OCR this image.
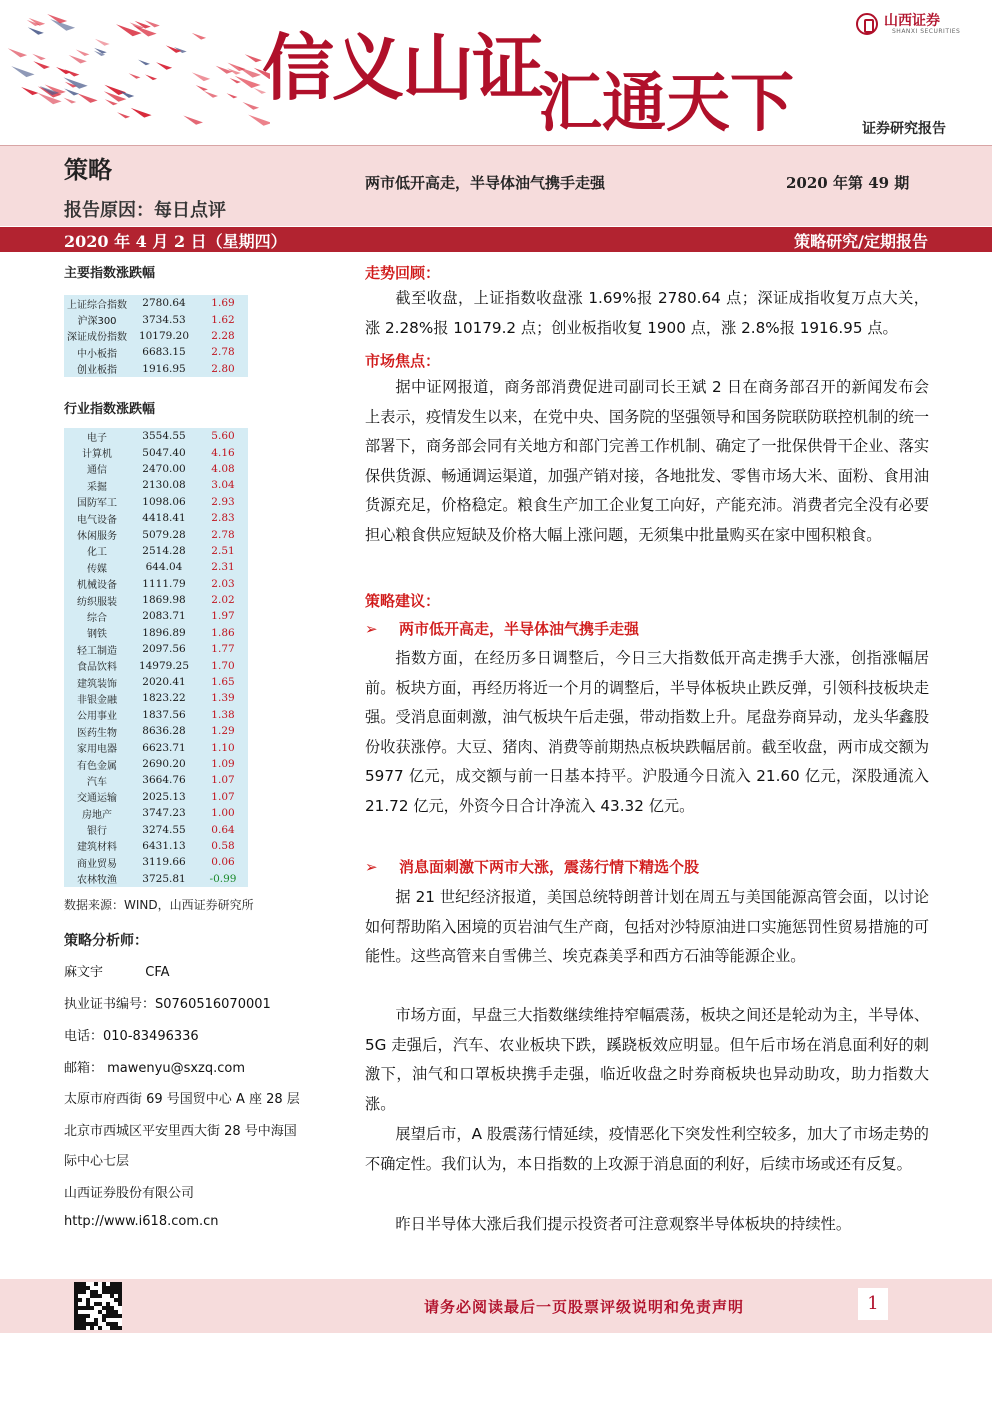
信义山证
汇通天下
山西证券
SHANXI SECURITIES
证券研究报告
策略
报告原因：每日点评
两市低开高走，半导体油气携手走强	2020 年第 49 期
2020 年 4 月 2 日（星期四）	策略研究/定期报告
主要指数涨跌幅
上证综合指数	2780.64	1.69
沪深300	3734.53	1.62
深证成份指数	10179.20	2.28
中小板指	6683.15	2.78
创业板指	1916.95	2.80
行业指数涨跌幅
电子	3554.55	5.60
计算机	5047.40	4.16
通信	2470.00	4.08
采掘	2130.08	3.04
国防军工	1098.06	2.93
电气设备	4418.41	2.83
休闲服务	5079.28	2.78
化工	2514.28	2.51
传媒	644.04	2.31
机械设备	1111.79	2.03
纺织服装	1869.98	2.02
综合	2083.71	1.97
钢铁	1896.89	1.86
轻工制造	2097.56	1.77
食品饮料	14979.25	1.70
建筑装饰	2020.41	1.65
非银金融	1823.22	1.39
公用事业	1837.56	1.38
医药生物	8636.28	1.29
家用电器	6623.71	1.10
有色金属	2690.20	1.09
汽车	3664.76	1.07
交通运输	2025.13	1.07
房地产	3747.23	1.00
银行	3274.55	0.64
建筑材料	6431.13	0.58
商业贸易	3119.66	0.06
农林牧渔	3725.81	-0.99
数据来源：WIND，山西证券研究所
策略分析师：
麻文宇	CFA
执业证书编号：S0760516070001
电话：010-83496336
邮箱： mawenyu@sxzq.com
太原市府西街 69 号国贸中心 A 座 28 层
北京市西城区平安里西大街 28 号中海国
际中心七层
山西证券股份有限公司
http://www.i618.com.cn
走势回顾：

截至收盘，上证指数收盘涨 1.69%报 2780.64 点；深证成指收复万点大关，涨 2.28%报 10179.2 点；创业板指收复 1900 点，涨 2.8%报 1916.95 点。

市场焦点：

据中证网报道，商务部消费促进司副司长王斌 2 日在商务部召开的新闻发布会上表示，疫情发生以来，在党中央、国务院的坚强领导和国务院联防联控机制的统一部署下，商务部会同有关地方和部门完善工作机制、确定了一批保供骨干企业、落实保供货源、畅通调运渠道，加强产销对接，各地批发、零售市场大米、面粉、食用油货源充足，价格稳定。粮食生产加工企业复工向好，产能充沛。消费者完全没有必要担心粮食供应短缺及价格大幅上涨问题，无须集中批量购买在家中囤积粮食。

策略建议：
➢ 两市低开高走，半导体油气携手走强

指数方面，在经历多日调整后，今日三大指数低开高走携手大涨，创指涨幅居前。板块方面，再经历将近一个月的调整后，半导体板块止跌反弹，引领科技板块走强。受消息面刺激，油气板块午后走强，带动指数上升。尾盘券商异动，龙头华鑫股份收获涨停。大豆、猪肉、消费等前期热点板块跌幅居前。截至收盘，两市成交额为 5977 亿元，成交额与前一日基本持平。沪股通今日流入 21.60 亿元，深股通流入 21.72 亿元，外资今日合计净流入 43.32 亿元。

➢ 消息面刺激下两市大涨，震荡行情下精选个股

据 21 世纪经济报道，美国总统特朗普计划在周五与美国能源高管会面，以讨论如何帮助陷入困境的页岩油气生产商，包括对沙特原油进口实施惩罚性贸易措施的可能性。这些高管来自雪佛兰、埃克森美孚和西方石油等能源企业。

市场方面，早盘三大指数继续维持窄幅震荡，板块之间还是轮动为主，半导体、5G 走强后，汽车、农业板块下跌，蹊跷板效应明显。但午后市场在消息面利好的刺激下，油气和口罩板块携手走强，临近收盘之时券商板块也异动助攻，助力指数大涨。

展望后市，A 股震荡行情延续，疫情恶化下突发性利空较多，加大了市场走势的不确定性。我们认为，本日指数的上攻源于消息面的利好，后续市场或还有反复。

昨日半导体大涨后我们提示投资者可注意观察半导体板块的持续性。

请务必阅读最后一页股票评级说明和免责声明	1
